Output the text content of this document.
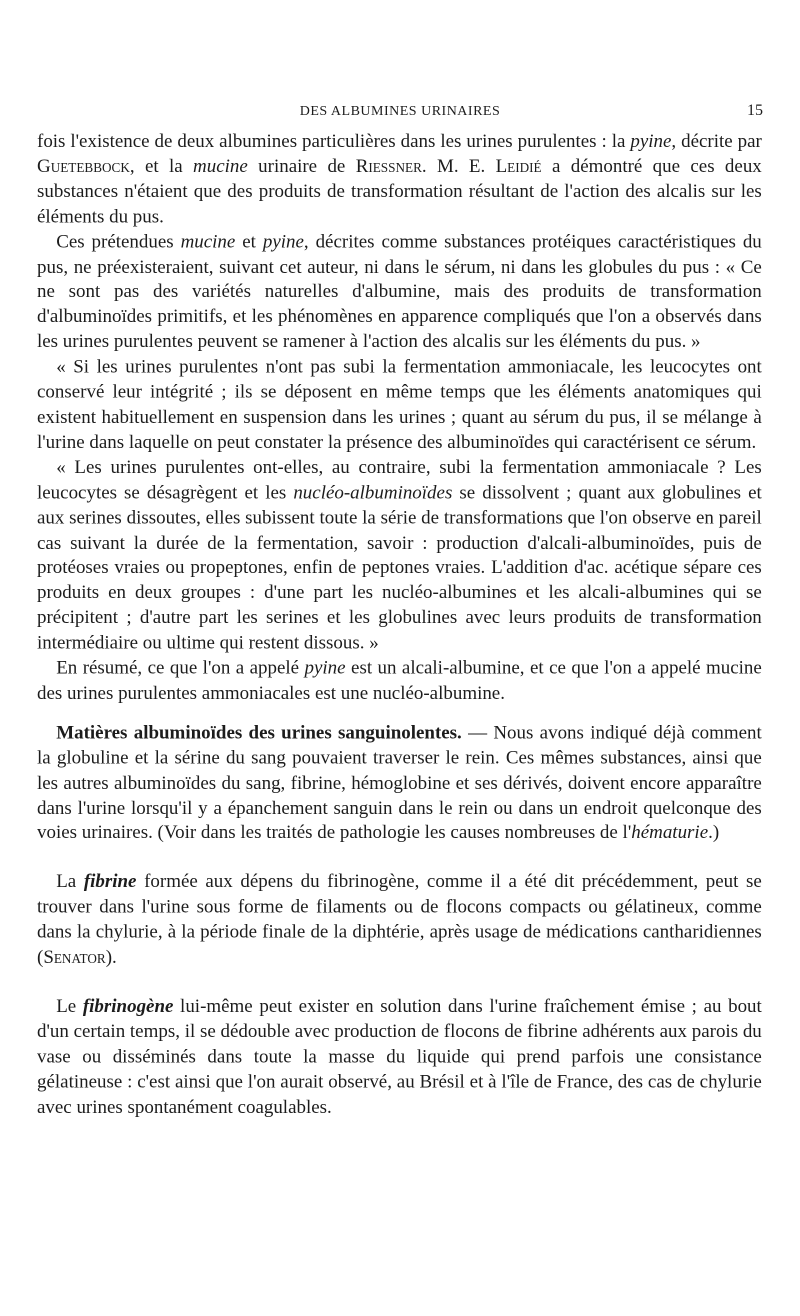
DES ALBUMINES URINAIRES	15

fois l'existence de deux albumines particulières dans les urines purulentes : la pyine, décrite par Guetebbock, et la mucine urinaire de Riessner. M. E. Leidié a démontré que ces deux substances n'étaient que des produits de transformation résultant de l'action des alcalis sur les éléments du pus.

Ces prétendues mucine et pyine, décrites comme substances protéiques caractéristiques du pus, ne préexisteraient, suivant cet auteur, ni dans le sérum, ni dans les globules du pus : « Ce ne sont pas des variétés naturelles d'albumine, mais des produits de transformation d'albuminoïdes primitifs, et les phénomènes en apparence compliqués que l'on a observés dans les urines purulentes peuvent se ramener à l'action des alcalis sur les éléments du pus. »

« Si les urines purulentes n'ont pas subi la fermentation ammoniacale, les leucocytes ont conservé leur intégrité ; ils se déposent en même temps que les éléments anatomiques qui existent habituellement en suspension dans les urines ; quant au sérum du pus, il se mélange à l'urine dans laquelle on peut constater la présence des albuminoïdes qui caractérisent ce sérum.

« Les urines purulentes ont-elles, au contraire, subi la fermentation ammoniacale ? Les leucocytes se désagrègent et les nucléo-albuminoïdes se dissolvent ; quant aux globulines et aux serines dissoutes, elles subissent toute la série de transformations que l'on observe en pareil cas suivant la durée de la fermentation, savoir : production d'alcali-albuminoïdes, puis de protéoses vraies ou propeptones, enfin de peptones vraies. L'addition d'ac. acétique sépare ces produits en deux groupes : d'une part les nucléo-albumines et les alcali-albumines qui se précipitent ; d'autre part les serines et les globulines avec leurs produits de transformation intermédiaire ou ultime qui restent dissous. »

En résumé, ce que l'on a appelé pyine est un alcali-albumine, et ce que l'on a appelé mucine des urines purulentes ammoniacales est une nucléo-albumine.

Matières albuminoïdes des urines sanguinolentes. — Nous avons indiqué déjà comment la globuline et la sérine du sang pouvaient traverser le rein. Ces mêmes substances, ainsi que les autres albuminoïdes du sang, fibrine, hémoglobine et ses dérivés, doivent encore apparaître dans l'urine lorsqu'il y a épanchement sanguin dans le rein ou dans un endroit quelconque des voies urinaires. (Voir dans les traités de pathologie les causes nombreuses de l'hématurie.)

La fibrine formée aux dépens du fibrinogène, comme il a été dit précédemment, peut se trouver dans l'urine sous forme de filaments ou de flocons compacts ou gélatineux, comme dans la chylurie, à la période finale de la diphtérie, après usage de médications cantharidiennes (Senator).

Le fibrinogène lui-même peut exister en solution dans l'urine fraîchement émise ; au bout d'un certain temps, il se dédouble avec production de flocons de fibrine adhérents aux parois du vase ou disséminés dans toute la masse du liquide qui prend parfois une consistance gélatineuse : c'est ainsi que l'on aurait observé, au Brésil et à l'île de France, des cas de chylurie avec urines spontanément coagulables.
